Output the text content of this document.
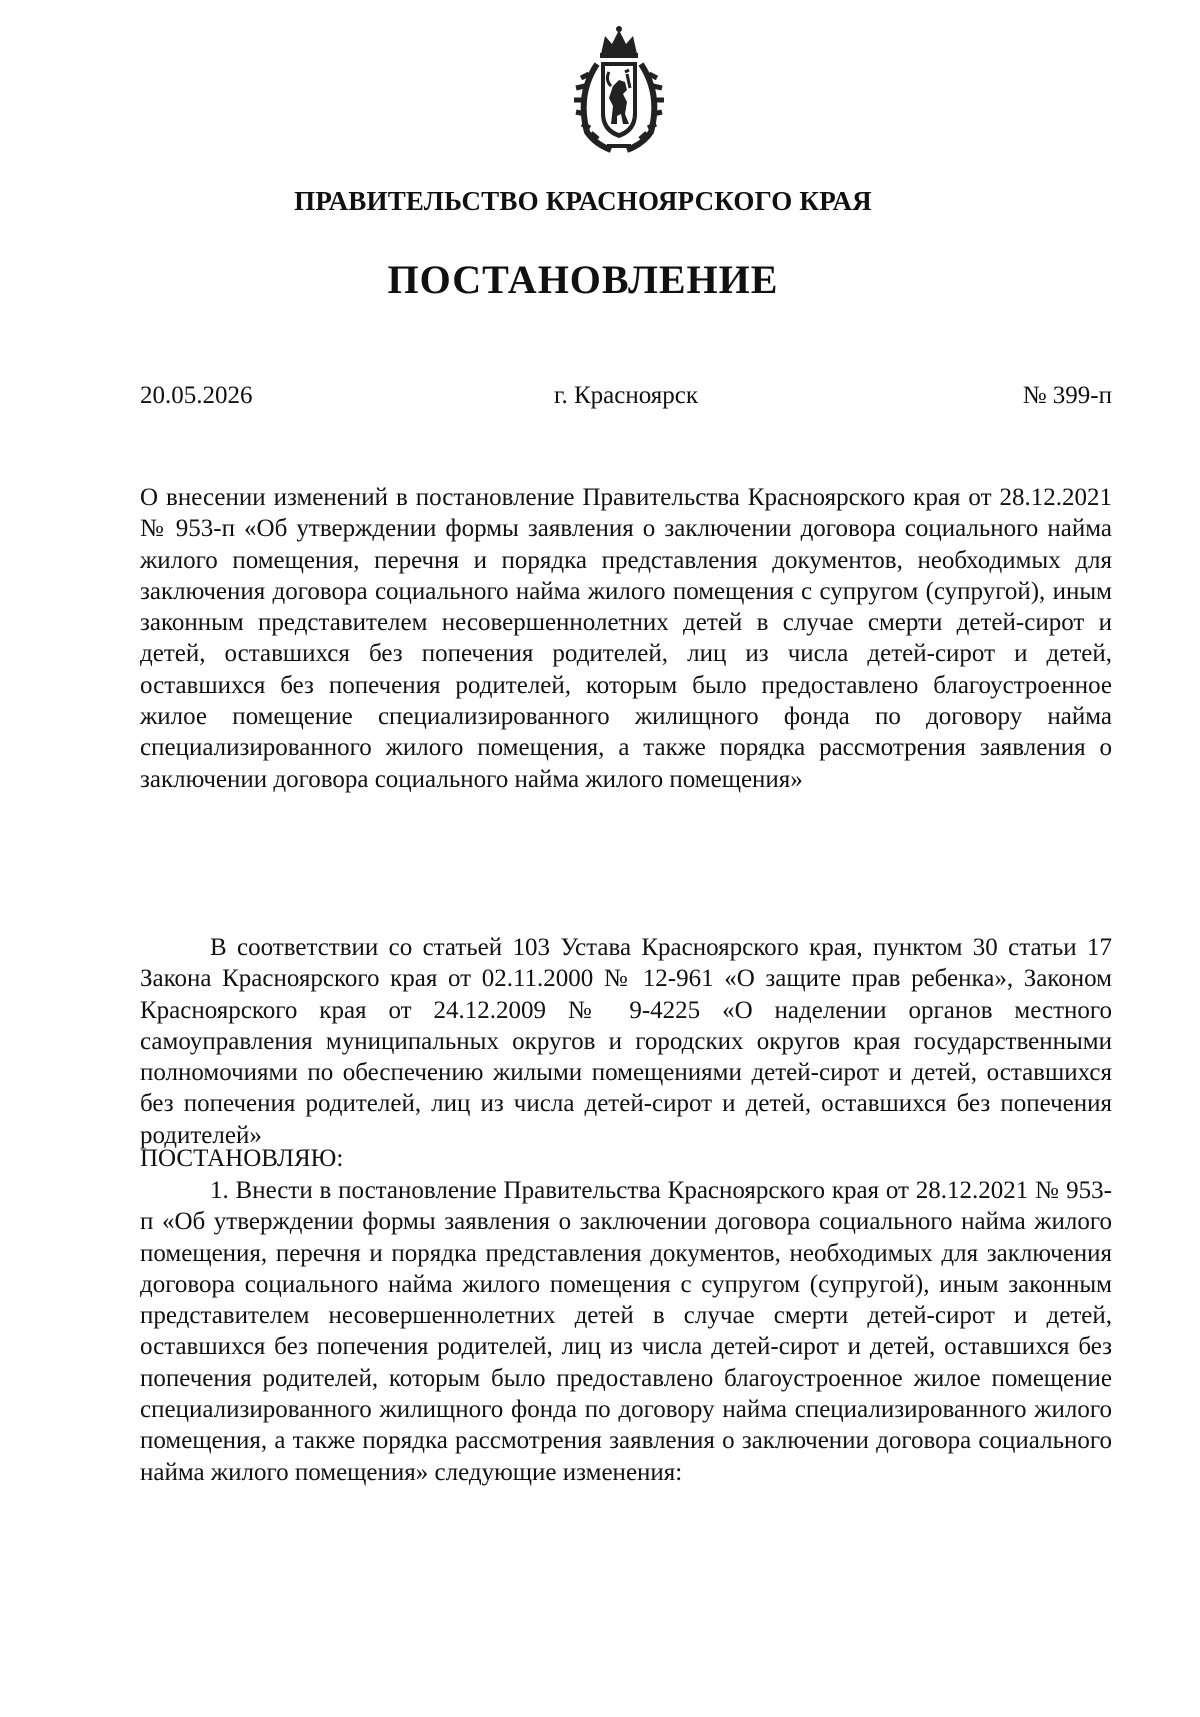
ПРАВИТЕЛЬСТВО КРАСНОЯРСКОГО КРАЯ
ПОСТАНОВЛЕНИЕ
20.05.2026	г. Красноярск	№ 399-п
О внесении изменений в постановление Правительства Красноярского края от 28.12.2021 № 953-п «Об утверждении формы заявления о заключении договора социального найма жилого помещения, перечня и порядка представления документов, необходимых для заключения договора социального найма жилого помещения с супругом (супругой), иным законным представителем несовершеннолетних детей в случае смерти детей-сирот и детей, оставшихся без попечения родителей, лиц из числа детей-сирот и детей, оставшихся без попечения родителей, которым было предоставлено благоустроенное жилое помещение специализированного жилищного фонда по договору найма специализированного жилого помещения, а также порядка рассмотрения заявления о заключении договора социального найма жилого помещения»
В соответствии со статьей 103 Устава Красноярского края, пунктом 30 статьи 17 Закона Красноярского края от 02.11.2000 № 12-961 «О защите прав ребенка», Законом Красноярского края от 24.12.2009 № 9-4225 «О наделении органов местного самоуправления муниципальных округов и городских округов края государственными полномочиями по обеспечению жилыми помещениями детей-сирот и детей, оставшихся без попечения родителей, лиц из числа детей-сирот и детей, оставшихся без попечения родителей»
ПОСТАНОВЛЯЮ:
1. Внести в постановление Правительства Красноярского края от 28.12.2021 № 953-п «Об утверждении формы заявления о заключении договора социального найма жилого помещения, перечня и порядка представления документов, необходимых для заключения договора социального найма жилого помещения с супругом (супругой), иным законным представителем несовершеннолетних детей в случае смерти детей-сирот и детей, оставшихся без попечения родителей, лиц из числа детей-сирот и детей, оставшихся без попечения родителей, которым было предоставлено благоустроенное жилое помещение специализированного жилищного фонда по договору найма специализированного жилого помещения, а также порядка рассмотрения заявления о заключении договора социального найма жилого помещения» следующие изменения:
